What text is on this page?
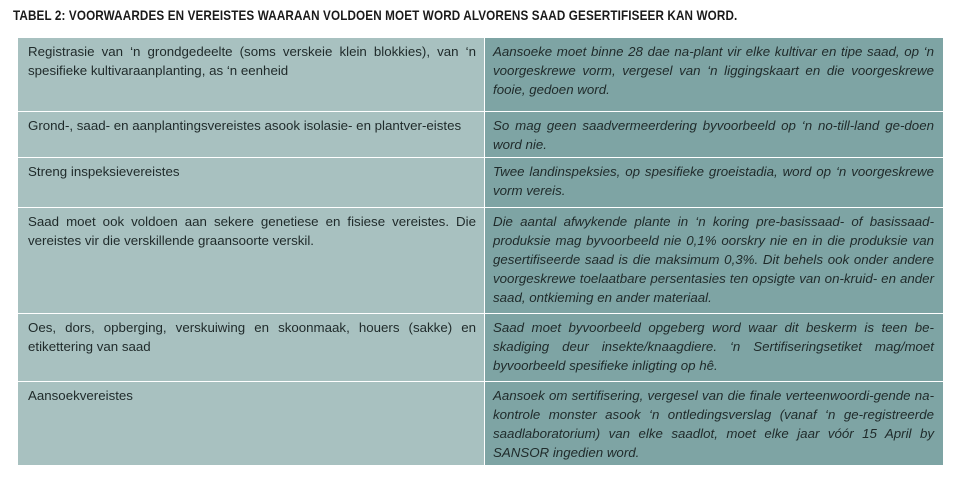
TABEL 2: VOORWAARDES EN VEREISTES WAARAAN VOLDOEN MOET WORD ALVORENS SAAD GESERTIFISEER KAN WORD.
Registrasie van ‘n grondgedeelte (soms verskeie klein blokkies), van ‘n spesifieke kultivaraanplanting, as ‘n eenheid	Aansoeke moet binne 28 dae na-plant vir elke kultivar en tipe saad, op ‘n voorgeskrewe vorm, vergesel van ‘n liggingskaart en die voorgeskrewe fooie, gedoen word.
Grond-, saad- en aanplantingsvereistes asook isolasie- en plantver-eistes	So mag geen saadvermeerdering byvoorbeeld op ‘n no-till-land ge-doen word nie.
Streng inspeksievereistes	Twee landinspeksies, op spesifieke groeistadia, word op ‘n voorgeskrewe vorm vereis.
Saad moet ook voldoen aan sekere genetiese en fisiese vereistes. Die vereistes vir die verskillende graansoorte verskil.	Die aantal afwykende plante in ‘n koring pre-basissaad- of basissaad-produksie mag byvoorbeeld nie 0,1% oorskry nie en in die produksie van gesertifiseerde saad is die maksimum 0,3%. Dit behels ook onder andere voorgeskrewe toelaatbare persentasies ten opsigte van on-kruid- en ander saad, ontkieming en ander materiaal.
Oes, dors, opberging, verskuiwing en skoonmaak, houers (sakke) en etikettering van saad	Saad moet byvoorbeeld opgeberg word waar dit beskerm is teen be-skadiging deur insekte/knaagdiere. ‘n Sertifiseringsetiket mag/moet byvoorbeeld spesifieke inligting op hê.
Aansoekvereistes	Aansoek om sertifisering, vergesel van die finale verteenwoordi-gende na-kontrole monster asook ‘n ontledingsverslag (vanaf ‘n ge-registreerde saadlaboratorium) van elke saadlot, moet elke jaar vóór 15 April by SANSOR ingedien word.
